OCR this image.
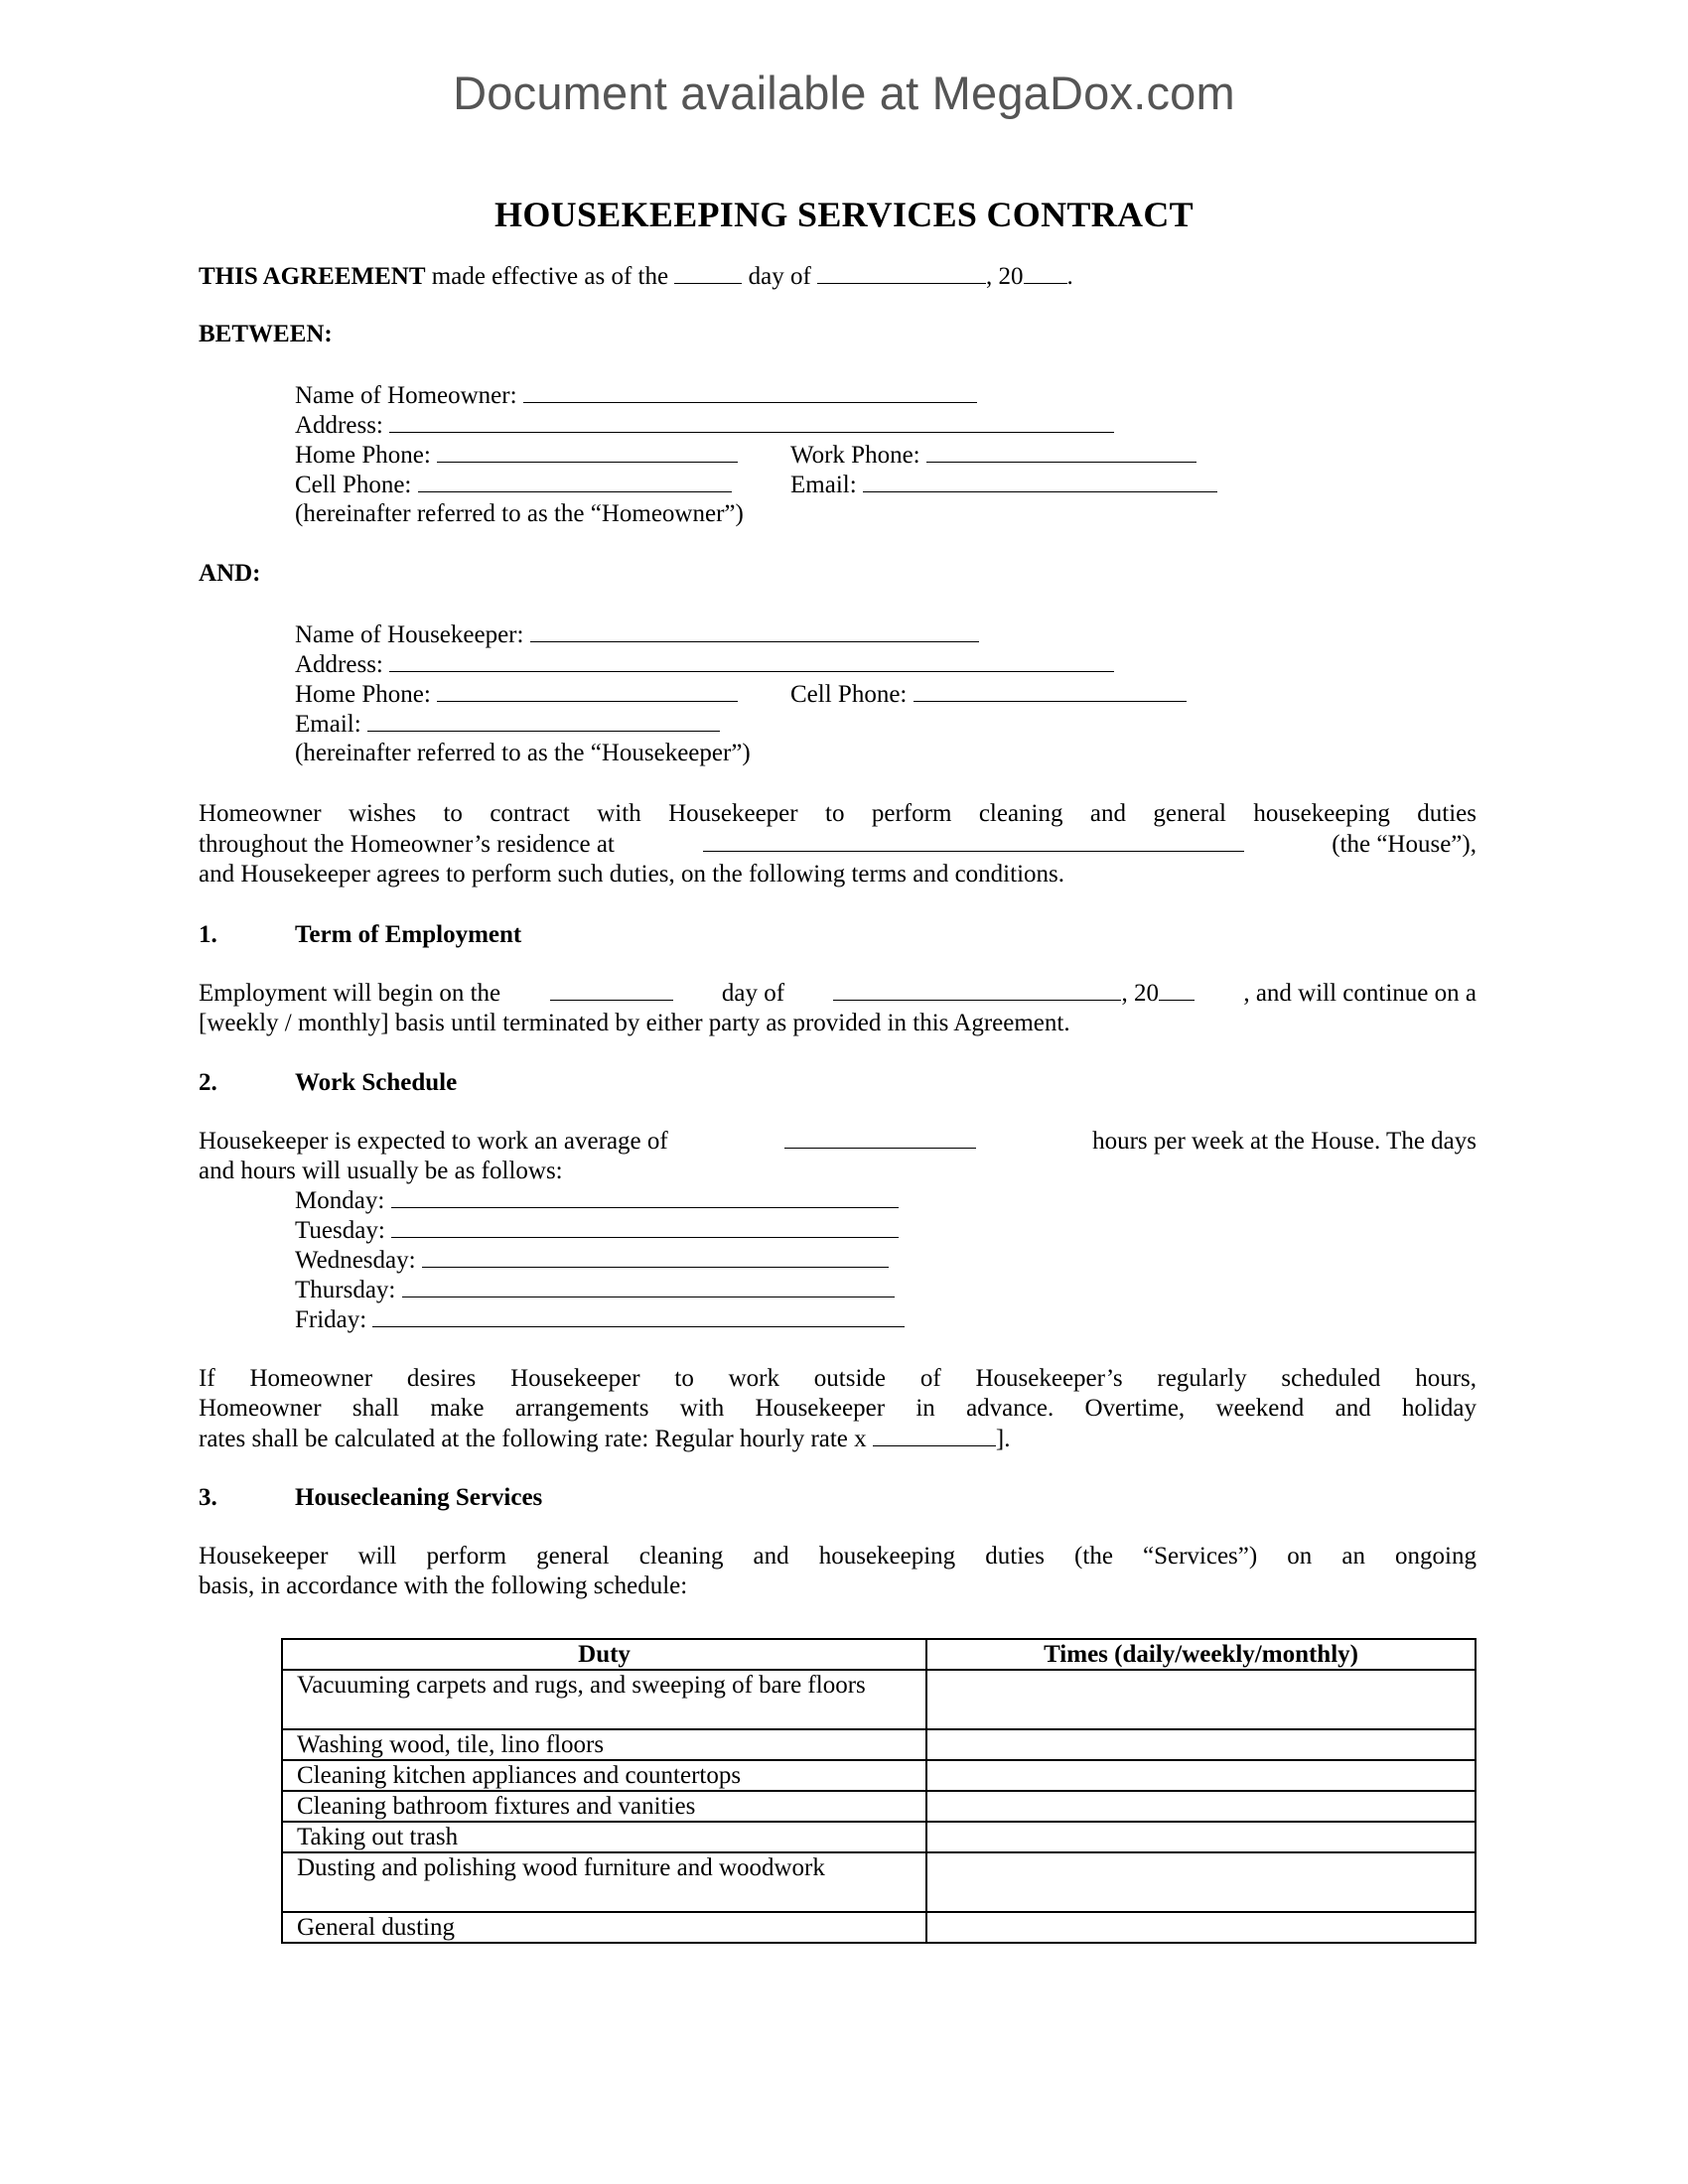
Document available at MegaDox.com
HOUSEKEEPING SERVICES CONTRACT
THIS AGREEMENT made effective as of the	day of	, 20 .
BETWEEN:
Name of Homeowner:
Address:
Home Phone:	Work Phone:
Cell Phone:	Email:
(hereinafter referred to as the “Homeowner”)
AND:
Name of Housekeeper:
Address:
Home Phone:	Cell Phone:
Email:
(hereinafter referred to as the “Housekeeper”)
Homeowner wishes to contract with Housekeeper to perform cleaning and general housekeeping duties
throughout the Homeowner’s residence at	(the “House”),
and Housekeeper agrees to perform such duties, on the following terms and conditions.
1.	Term of Employment
Employment will begin on the	day of	, 20	, and will continue on a
[weekly / monthly] basis until terminated by either party as provided in this Agreement.
2.	Work Schedule
Housekeeper is expected to work an average of	hours per week at the House. The days
and hours will usually be as follows:
Monday:
Tuesday:
Wednesday:
Thursday:
Friday:
If Homeowner desires Housekeeper to work outside of Housekeeper’s regularly scheduled hours,
Homeowner shall make arrangements with Housekeeper in advance. Overtime, weekend and holiday
rates shall be calculated at the following rate: Regular hourly rate x	].
3.	Housecleaning Services
Housekeeper will perform general cleaning and housekeeping duties (the “Services”) on an ongoing
basis, in accordance with the following schedule:
Duty	Times (daily/weekly/monthly)
Vacuuming carpets and rugs, and sweeping of bare floors	
Washing wood, tile, lino floors	
Cleaning kitchen appliances and countertops	
Cleaning bathroom fixtures and vanities	
Taking out trash	
Dusting and polishing wood furniture and woodwork	
General dusting	
